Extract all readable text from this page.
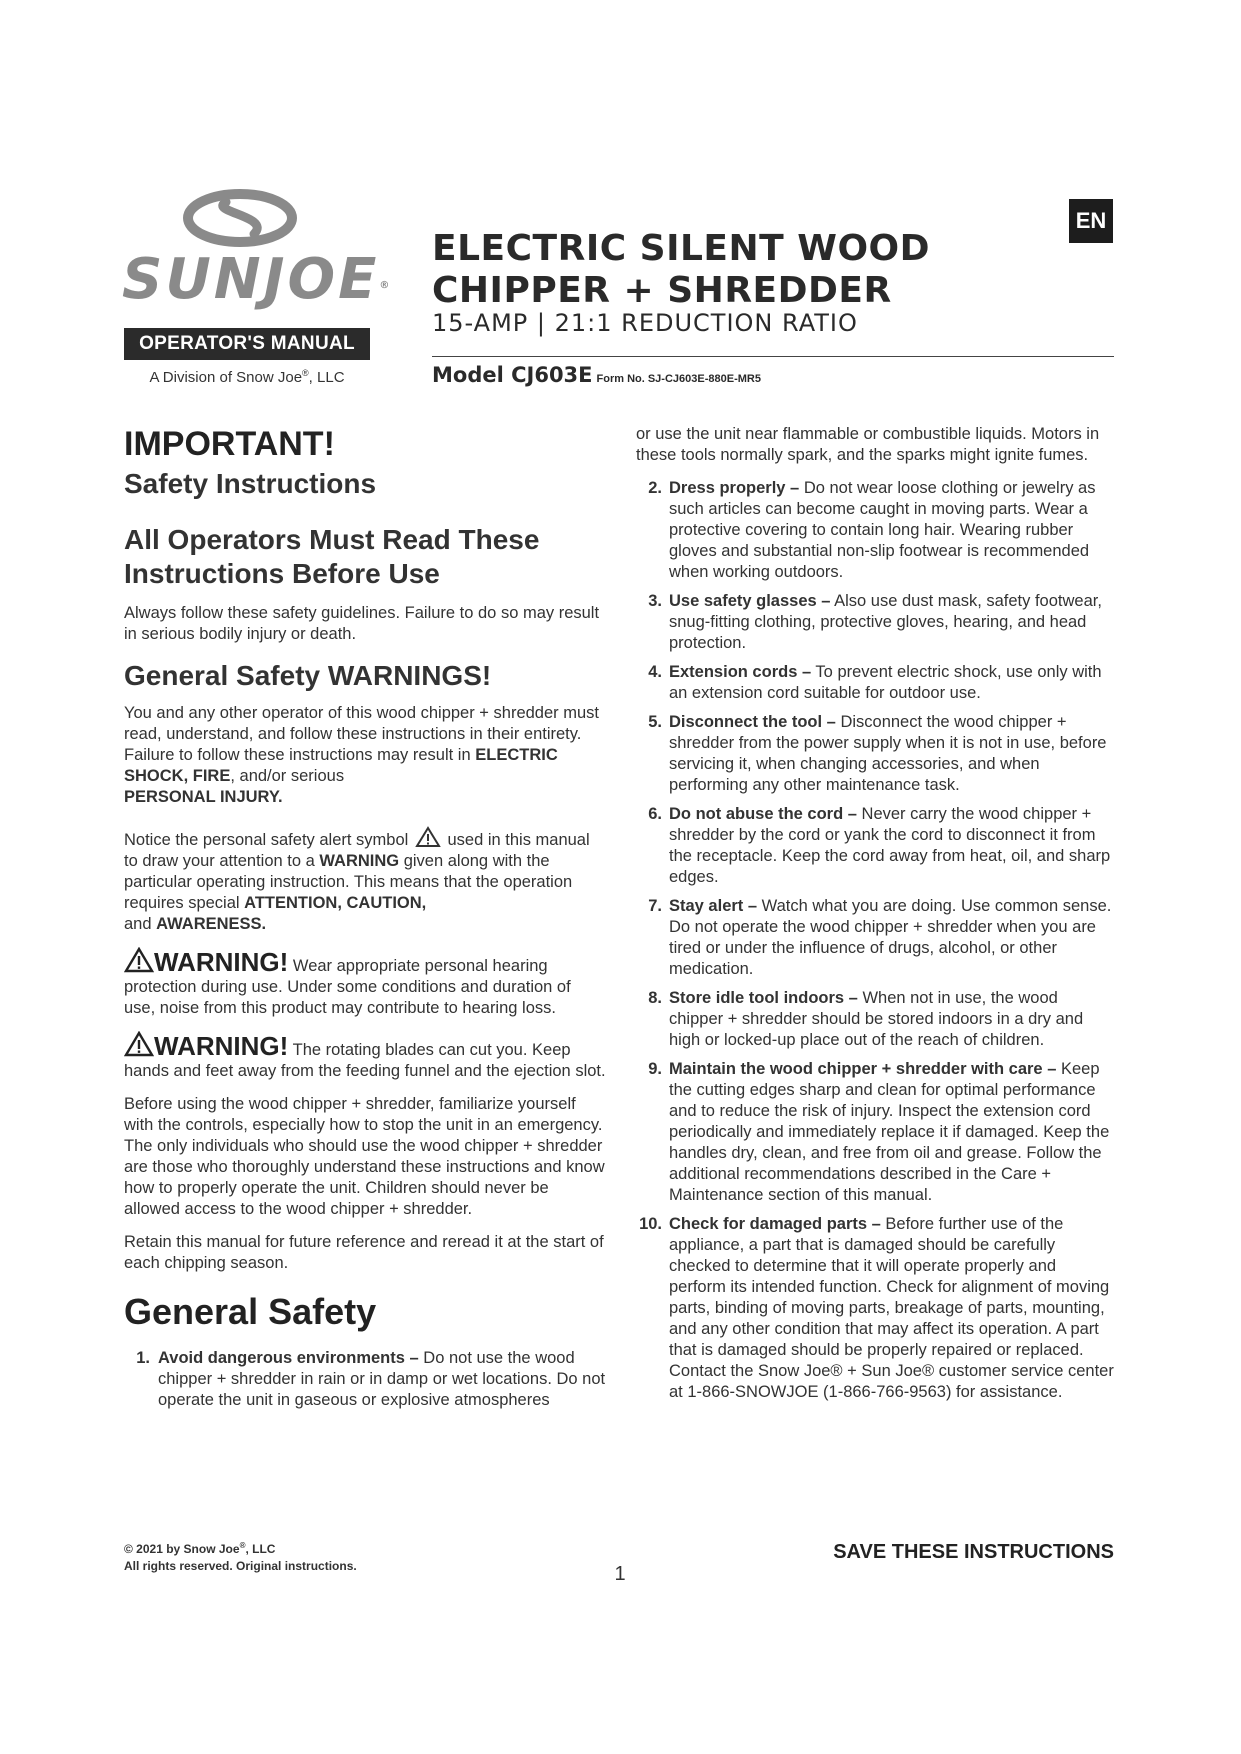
SUNJOE®
OPERATOR'S MANUAL
A Division of Snow Joe®, LLC
ELECTRIC SILENT WOOD
CHIPPER + SHREDDER
15-AMP | 21:1 REDUCTION RATIO
Model CJ603E Form No. SJ-CJ603E-880E-MR5
EN
IMPORTANT!
Safety Instructions
All Operators Must Read These Instructions Before Use

Always follow these safety guidelines. Failure to do so may result in serious bodily injury or death.

General Safety WARNINGS!

You and any other operator of this wood chipper + shredder must read, understand, and follow these instructions in their entirety. Failure to follow these instructions may result in ELECTRIC SHOCK, FIRE, and/or serious
PERSONAL INJURY.

Notice the personal safety alert symbol  used in this manual to draw your attention to a WARNING given along with the particular operating instruction. This means that the operation requires special ATTENTION, CAUTION,
and AWARENESS.

WARNING! Wear appropriate personal hearing protection during use. Under some conditions and duration of use, noise from this product may contribute to hearing loss.

WARNING! The rotating blades can cut you. Keep hands and feet away from the feeding funnel and the ejection slot.

Before using the wood chipper + shredder, familiarize yourself with the controls, especially how to stop the unit in an emergency. The only individuals who should use the wood chipper + shredder are those who thoroughly understand these instructions and know how to properly operate the unit. Children should never be allowed access to the wood chipper + shredder.

Retain this manual for future reference and reread it at the start of each chipping season.

General Safety
1. Avoid dangerous environments – Do not use the wood chipper + shredder in rain or in damp or wet locations. Do not operate the unit in gaseous or explosive atmospheres

or use the unit near flammable or combustible liquids. Motors in these tools normally spark, and the sparks might ignite fumes.

2. Dress properly – Do not wear loose clothing or jewelry as such articles can become caught in moving parts. Wear a protective covering to contain long hair. Wearing rubber gloves and substantial non-slip footwear is recommended when working outdoors.
3. Use safety glasses – Also use dust mask, safety footwear, snug-fitting clothing, protective gloves, hearing, and head protection.
4. Extension cords – To prevent electric shock, use only with an extension cord suitable for outdoor use.
5. Disconnect the tool – Disconnect the wood chipper + shredder from the power supply when it is not in use, before servicing it, when changing accessories, and when performing any other maintenance task.
6. Do not abuse the cord – Never carry the wood chipper + shredder by the cord or yank the cord to disconnect it from the receptacle. Keep the cord away from heat, oil, and sharp edges.
7. Stay alert – Watch what you are doing. Use common sense. Do not operate the wood chipper + shredder when you are tired or under the influence of drugs, alcohol, or other medication.
8. Store idle tool indoors – When not in use, the wood chipper + shredder should be stored indoors in a dry and high or locked-up place out of the reach of children.
9. Maintain the wood chipper + shredder with care – Keep the cutting edges sharp and clean for optimal performance and to reduce the risk of injury. Inspect the extension cord periodically and immediately replace it if damaged. Keep the handles dry, clean, and free from oil and grease. Follow the additional recommendations described in the Care + Maintenance section of this manual.
10. Check for damaged parts – Before further use of the appliance, a part that is damaged should be carefully checked to determine that it will operate properly and perform its intended function. Check for alignment of moving parts, binding of moving parts, breakage of parts, mounting, and any other condition that may affect its operation. A part that is damaged should be properly repaired or replaced. Contact the Snow Joe® + Sun Joe® customer service center at 1-866-SNOWJOE (1-866-766-9563) for assistance.
© 2021 by Snow Joe®, LLC
All rights reserved. Original instructions.
SAVE THESE INSTRUCTIONS
1
